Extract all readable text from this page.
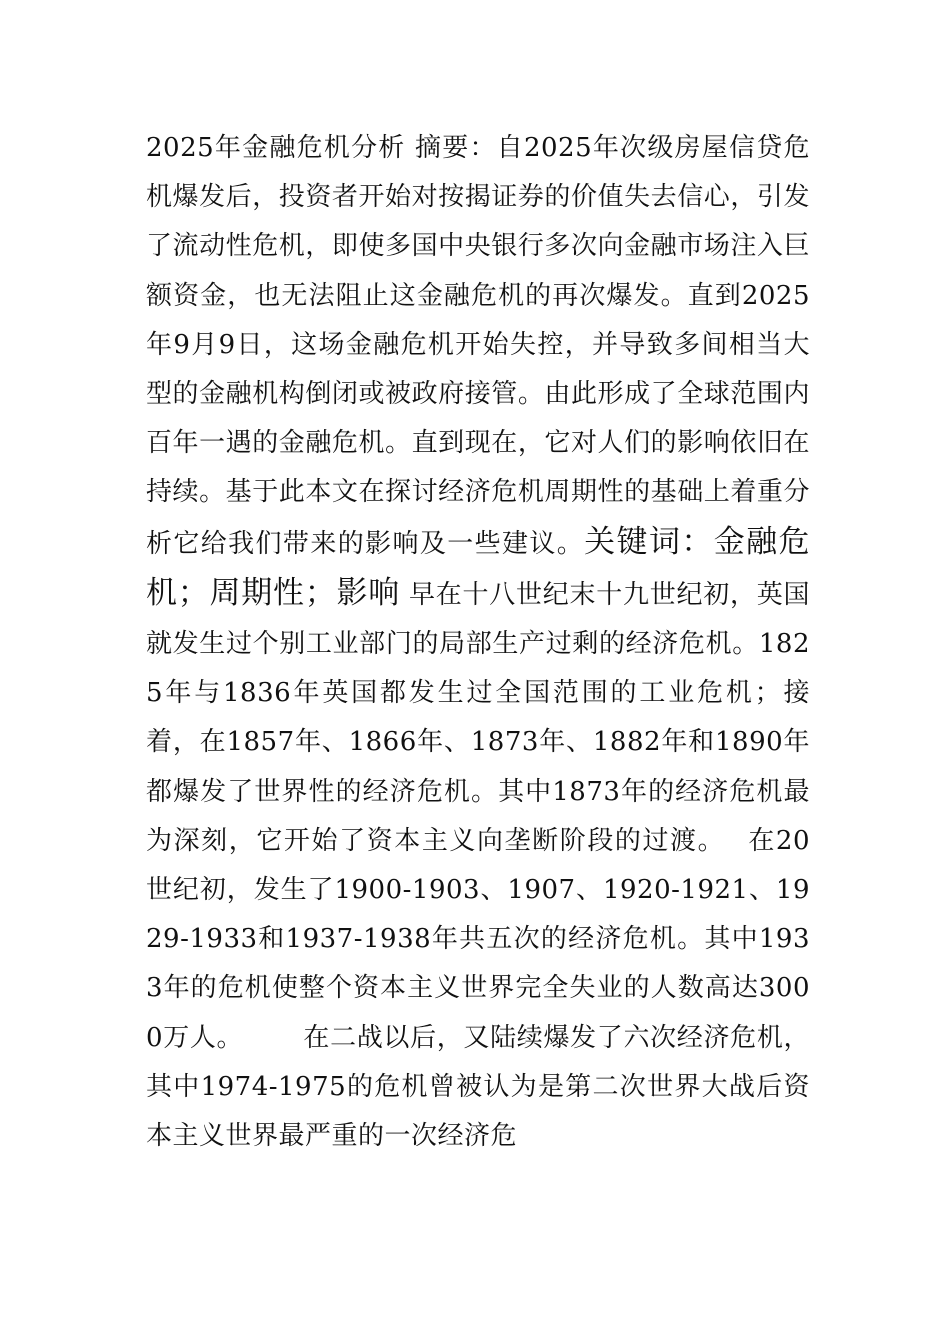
2025年金融危机分析 摘要：自2025年次级房屋信贷危机爆发后，投资者开始对按揭证券的价值失去信心，引发了流动性危机，即使多国中央银行多次向金融市场注入巨额资金，也无法阻止这金融危机的再次爆发。直到2025年9月9日，这场金融危机开始失控，并导致多间相当大型的金融机构倒闭或被政府接管。由此形成了全球范围内百年一遇的金融危机。直到现在，它对人们的影响依旧在持续。基于此本文在探讨经济危机周期性的基础上着重分析它给我们带来的影响及一些建议。关键词：金融危机；周期性；影响 早在十八世纪末十九世纪初，英国就发生过个别工业部门的局部生产过剩的经济危机。1825年与1836年英国都发生过全国范围的工业危机；接着，在1857年、1866年、1873年、1882年和1890年都爆发了世界性的经济危机。其中1873年的经济危机最为深刻，它开始了资本主义向垄断阶段的过渡。 在20世纪初，发生了1900-1903、1907、1920-1921、1929-1933和1937-1938年共五次的经济危机。其中1933年的危机使整个资本主义世界完全失业的人数高达3000万人。 在二战以后，又陆续爆发了六次经济危机，其中1974-1975的危机曾被认为是第二次世界大战后资本主义世界最严重的一次经济危
